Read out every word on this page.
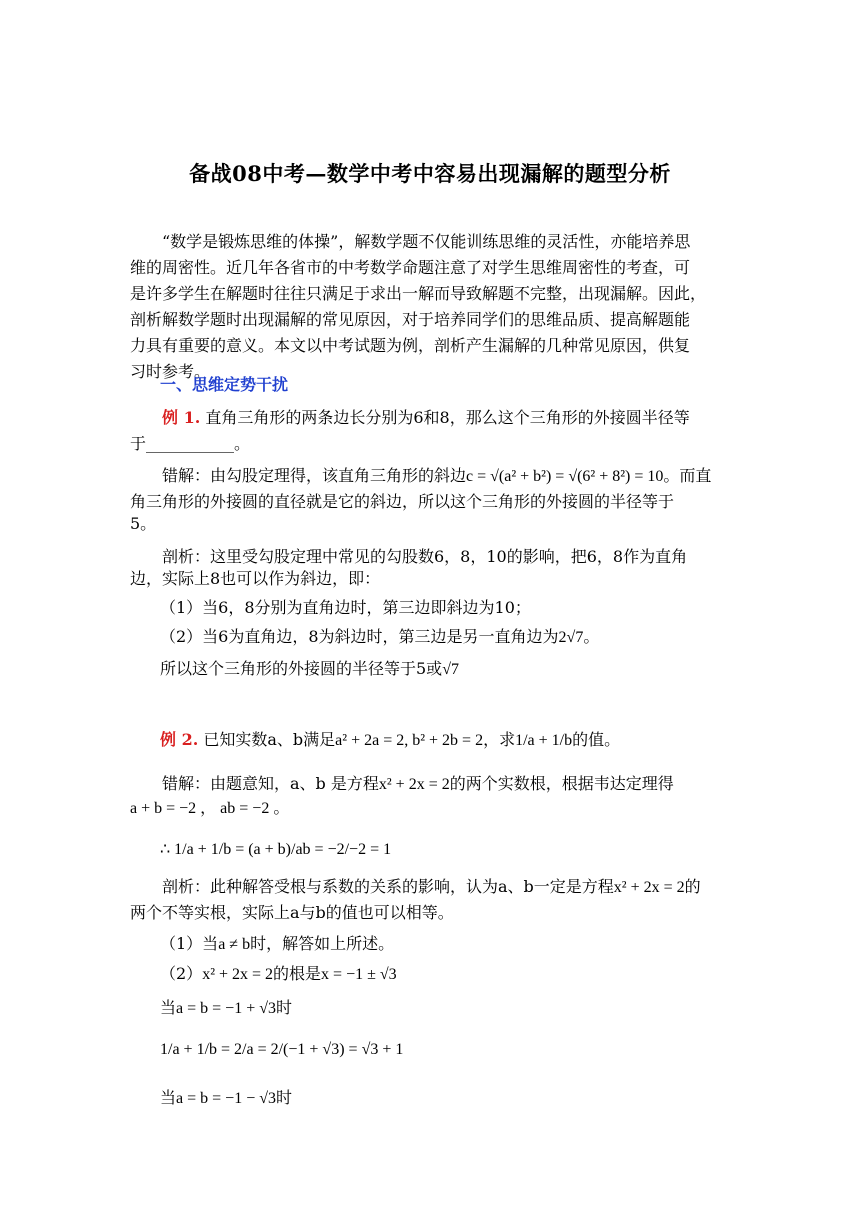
备战08中考—数学中考中容易出现漏解的题型分析
“数学是锻炼思维的体操”，解数学题不仅能训练思维的灵活性，亦能培养思
维的周密性。近几年各省市的中考数学命题注意了对学生思维周密性的考查，可
是许多学生在解题时往往只满足于求出一解而导致解题不完整，出现漏解。因此，
剖析解数学题时出现漏解的常见原因，对于培养同学们的思维品质、提高解题能
力具有重要的意义。本文以中考试题为例，剖析产生漏解的几种常见原因，供复
习时参考。
一、思维定势干扰
例 1. 直角三角形的两条边长分别为6和8，那么这个三角形的外接圆半径等
于___________。
错解：由勾股定理得，该直角三角形的斜边c = √(a² + b²) = √(6² + 8²) = 10。而直
角三角形的外接圆的直径就是它的斜边，所以这个三角形的外接圆的半径等于
5。
剖析：这里受勾股定理中常见的勾股数6，8，10的影响，把6，8作为直角
边，实际上8也可以作为斜边，即：
（1）当6，8分别为直角边时，第三边即斜边为10；
（2）当6为直角边，8为斜边时，第三边是另一直角边为2√7。
所以这个三角形的外接圆的半径等于5或√7
例 2. 已知实数a、b满足a² + 2a = 2, b² + 2b = 2，求1/a + 1/b的值。
错解：由题意知，a、b 是方程x² + 2x = 2的两个实数根，根据韦达定理得
a + b = −2 ， ab = −2 。
∴ 1/a + 1/b = (a + b)/ab = −2/−2 = 1
剖析：此种解答受根与系数的关系的影响，认为a、b一定是方程x² + 2x = 2的
两个不等实根，实际上a与b的值也可以相等。
（1）当a ≠ b时，解答如上所述。
（2）x² + 2x = 2的根是x = −1 ± √3
当a = b = −1 + √3时
1/a + 1/b = 2/a = 2/(−1 + √3) = √3 + 1
当a = b = −1 − √3时
